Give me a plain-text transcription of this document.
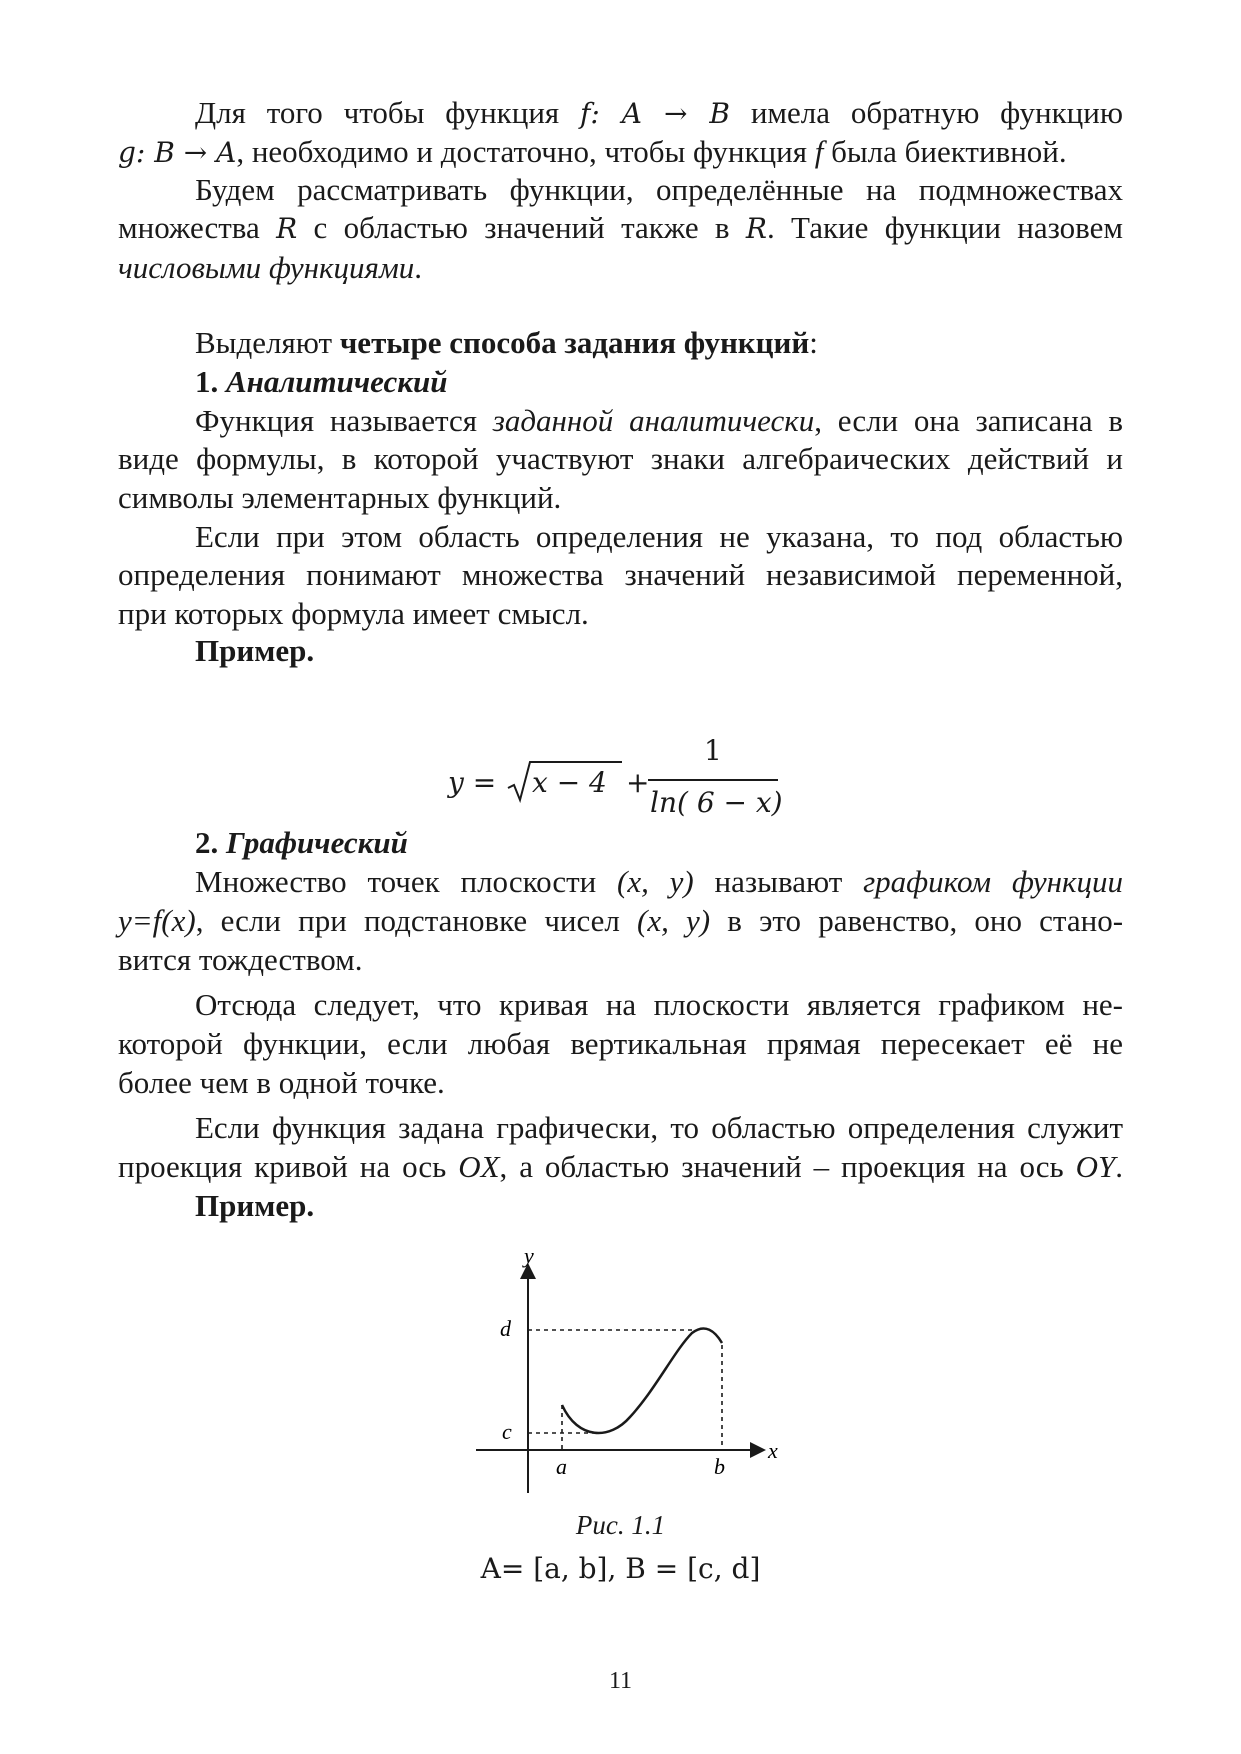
Для того чтобы функция f: A → B имела обратную функцию
g: B → A, необходимо и достаточно, чтобы функция f была биективной.
Будем рассматривать функции, определённые на подмножествах
множества R с областью значений также в R. Такие функции назовем
числовыми функциями.
Выделяют четыре способа задания функций:
1. Аналитический
Функция называется заданной аналитически, если она записана в
виде формулы, в которой участвуют знаки алгебраических действий и
символы элементарных функций.
Если при этом область определения не указана, то под областью
определения понимают множества значений независимой переменной,
при которых формула имеет смысл.
Пример.
y = x − 4 +
1
ln( 6 − x)
2. Графический
Множество точек плоскости (x, y) называют графиком функции
y=f(x), если при подстановке чисел (x, y) в это равенство, оно стано-
вится тождеством.
Отсюда следует, что кривая на плоскости является графиком не-
которой функции, если любая вертикальная прямая пересекает её не
более чем в одной точке.
Если функция задана графически, то областью определения служит
проекция кривой на ось OX, а областью значений – проекция на ось OY.
Пример.
y
x
d
c
a	b
Рис. 1.1
A= [a, b], B = [c, d]
11
